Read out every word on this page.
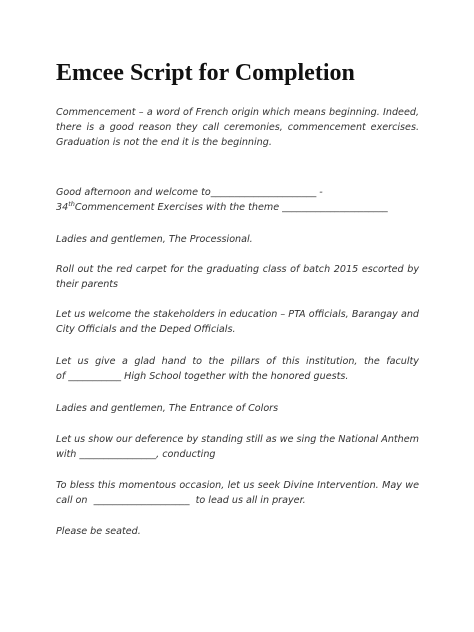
Emcee Script for Completion

Commencement – a word of French origin which means beginning. Indeed, there is a good reason they call ceremonies, commencement exercises. Graduation is not the end it is the beginning.

Good afternoon and welcome to______________________ -
34thCommencement Exercises with the theme ______________________

Ladies and gentlemen, The Processional.

Roll out the red carpet for the graduating class of batch 2015 escorted by their parents

Let us welcome the stakeholders in education – PTA officials, Barangay and City Officials and the Deped Officials.

Let us give a glad hand to the pillars of this institution, the faculty
of ___________ High School together with the honored guests.

Ladies and gentlemen, The Entrance of Colors

Let us show our deference by standing still as we sing the National Anthem
with ________________, conducting

To bless this momentous occasion, let us seek Divine Intervention. May we
call on  ____________________  to lead us all in prayer.

Please be seated.
